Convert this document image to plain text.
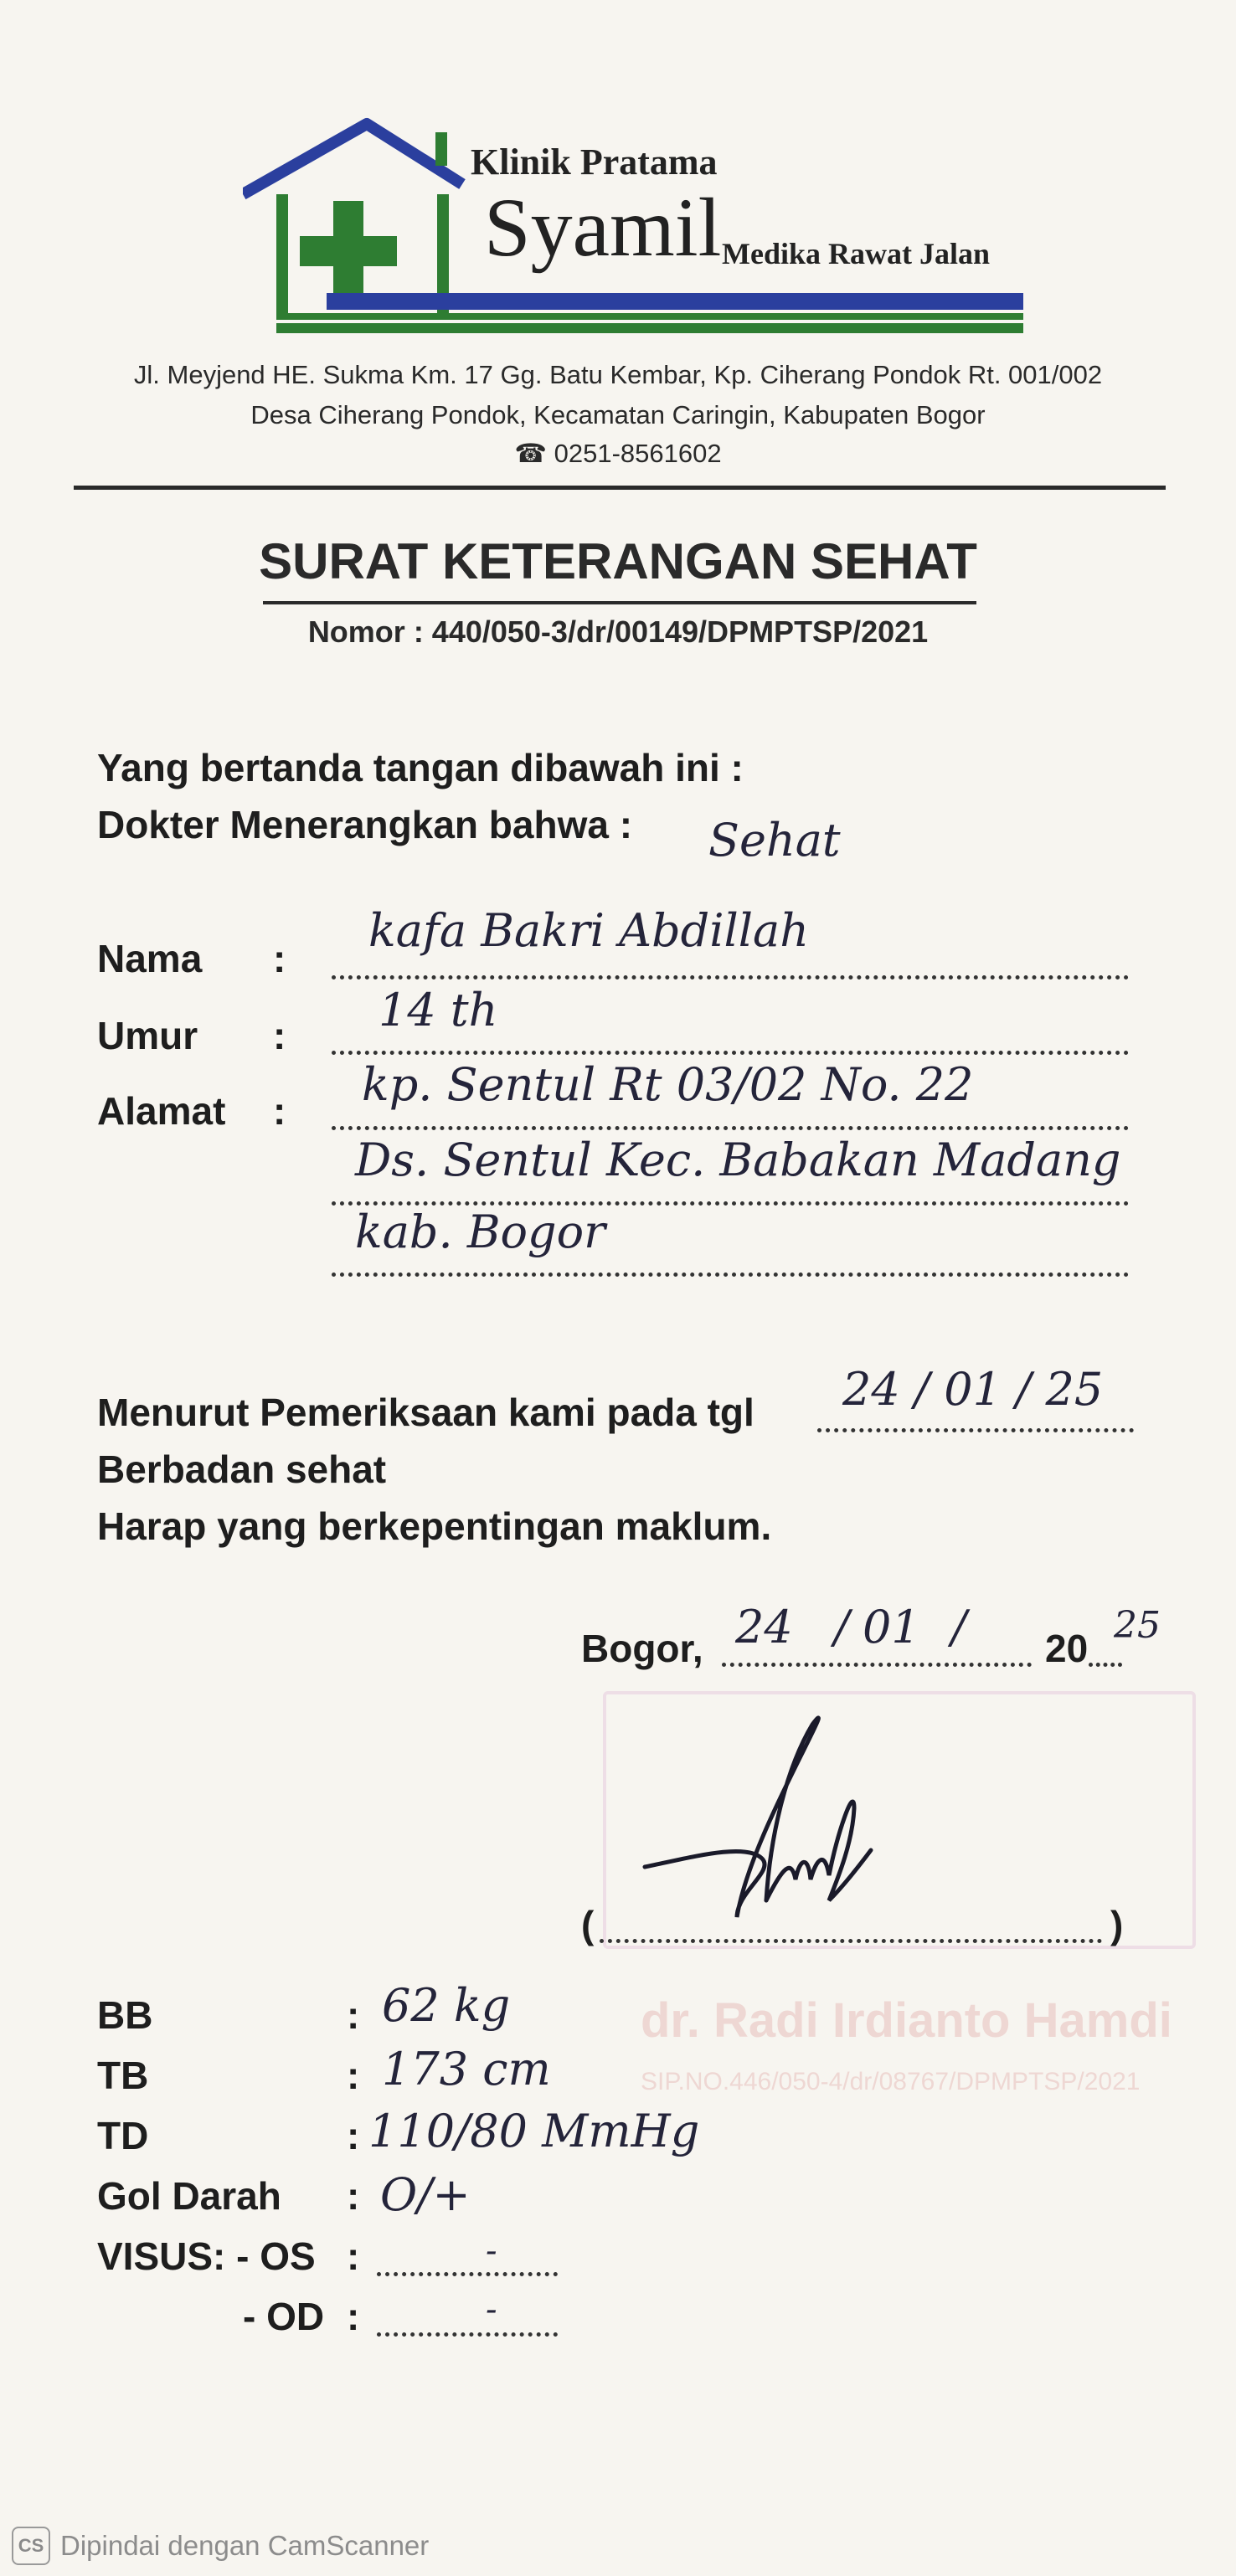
Klinik Pratama
Syamil Medika Rawat Jalan
Jl. Meyjend HE. Sukma Km. 17 Gg. Batu Kembar, Kp. Ciherang Pondok Rt. 001/002
Desa Ciherang Pondok, Kecamatan Caringin, Kabupaten Bogor
☎ 0251-8561602
SURAT KETERANGAN SEHAT
Nomor : 440/050-3/dr/00149/DPMPTSP/2021
Yang bertanda tangan dibawah ini :
Dokter Menerangkan bahwa : Sehat
Nama :
kafa Bakri Abdillah
Umur : 14 th
Alamat : kp. Sentul Rt 03/02 No. 22
Ds. Sentul Kec. Babakan Madang
kab. Bogor
Menurut Pemeriksaan kami pada tgl 24 / 01 / 25
Berbadan sehat
Harap yang berkepentingan maklum.
dr. Radi Irdianto Hamdi
SIP.NO.446/050-4/dr/08767/DPMPTSP/2021
Bogor, 24 / 01 / 20
25
(	)
BB	: 62 kg
TB	: 173 cm
TD	: 110/80 MmHg
Gol Darah : O/+
VISUS: - OS :	-
- OD :	-
CS Dipindai dengan CamScanner
